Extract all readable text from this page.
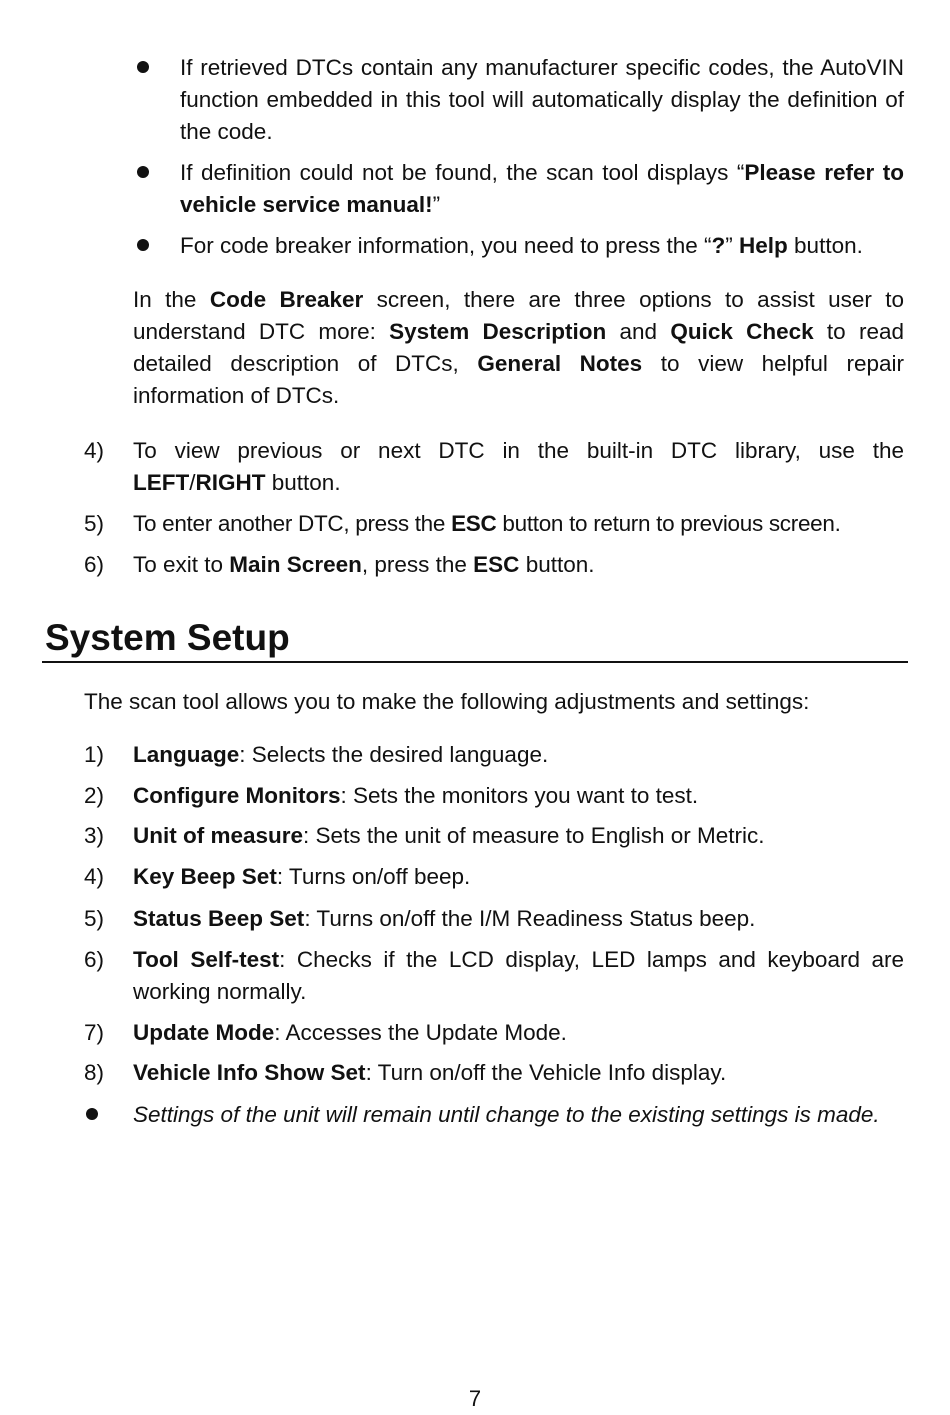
If retrieved DTCs contain any manufacturer specific codes, the AutoVIN function embedded in this tool will automatically display the definition of the code.
If definition could not be found, the scan tool displays “Please refer to vehicle service manual!”
For code breaker information, you need to press the “?” Help button.
In the Code Breaker screen, there are three options to assist user to understand DTC more: System Description and Quick Check to read detailed description of DTCs, General Notes to view helpful repair information of DTCs.
4) To view previous or next DTC in the built-in DTC library, use the LEFT/RIGHT button.
5) To enter another DTC, press the ESC button to return to previous screen.
6) To exit to Main Screen, press the ESC button.
System Setup
The scan tool allows you to make the following adjustments and settings:
1) Language: Selects the desired language.
2) Configure Monitors: Sets the monitors you want to test.
3) Unit of measure: Sets the unit of measure to English or Metric.
4) Key Beep Set: Turns on/off beep.
5) Status Beep Set: Turns on/off the I/M Readiness Status beep.
6) Tool Self-test: Checks if the LCD display, LED lamps and keyboard are working normally.
7) Update Mode: Accesses the Update Mode.
8) Vehicle Info Show Set: Turn on/off the Vehicle Info display.
Settings of the unit will remain until change to the existing settings is made.
7
